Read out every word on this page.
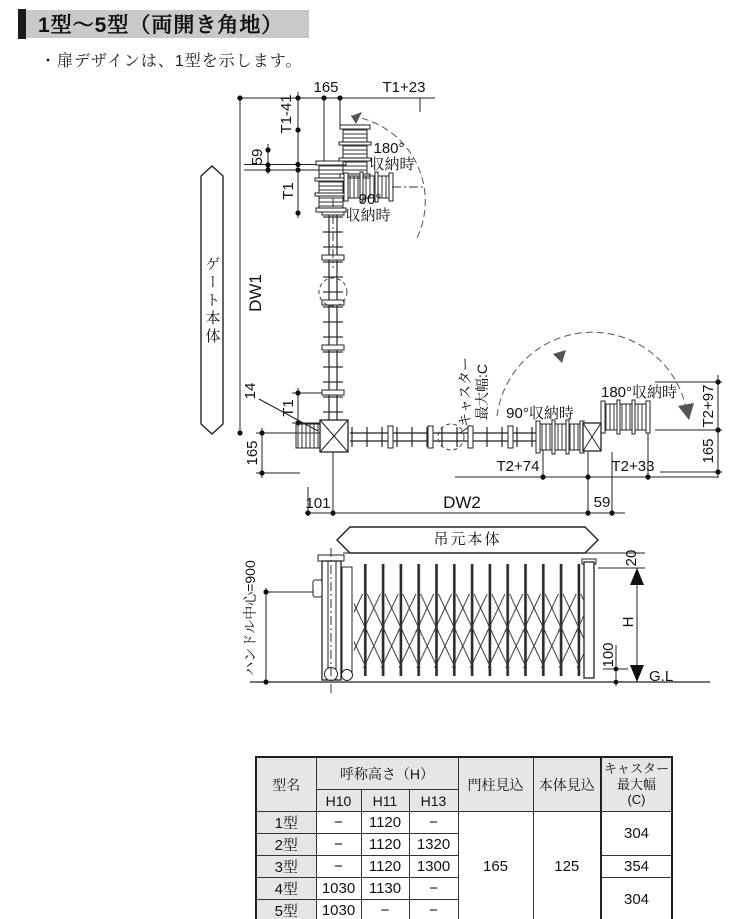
1型〜5型（両開き角地）
・扉デザインは、1型を示します。
165	T1+23
T1-41
59
T1
DW1
180°
収納時
90°
収納時
14
T1
165
101	DW2	59
キャスター 最大幅:C 90°収納時
180°収納時
T2+74	T2+33
T2+97
165
ハンドル中心=900
20
H
100
G.L
ゲート本体
吊元本体
型名	呼称高さ（H）			門柱見込	本体見込	キャスター
最大幅
(C)
	H10	H11	H13			
1型	−	1120	−	165	125	304
2型	−	1120	1320			
3型	−	1120	1300			354
4型	1030	1130	−			304
5型	1030	−	−			
